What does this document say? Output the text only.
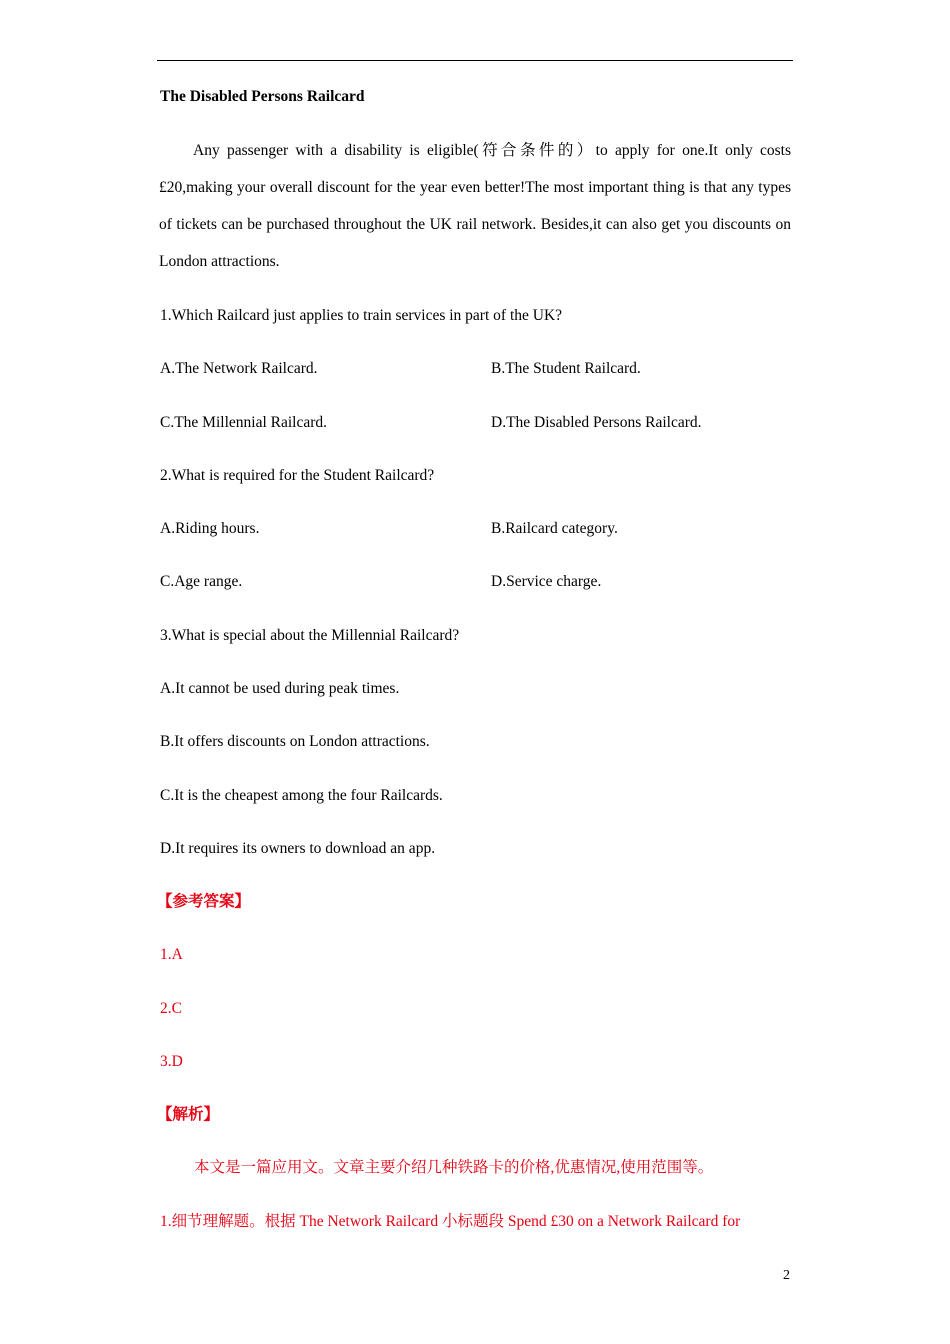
The Disabled Persons Railcard
Any passenger with a disability is eligible(符合条件的）to apply for one.It only costs £20,making your overall discount for the year even better!The most important thing is that any types of tickets can be purchased throughout the UK rail network. Besides,it can also get you discounts on London attractions.
1.Which Railcard just applies to train services in part of the UK?
A.The Network Railcard.	B.The Student Railcard.
C.The Millennial Railcard.	D.The Disabled Persons Railcard.
2.What is required for the Student Railcard?
A.Riding hours.	B.Railcard category.
C.Age range.	D.Service charge.
3.What is special about the Millennial Railcard?
A.It cannot be used during peak times.
B.It offers discounts on London attractions.
C.It is the cheapest among the four Railcards.
D.It requires its owners to download an app.
【参考答案】
1.A
2.C
3.D
【解析】
本文是一篇应用文。文章主要介绍几种铁路卡的价格,优惠情况,使用范围等。
1.细节理解题。根据 The Network Railcard 小标题段 Spend £30 on a Network Railcard for
2
